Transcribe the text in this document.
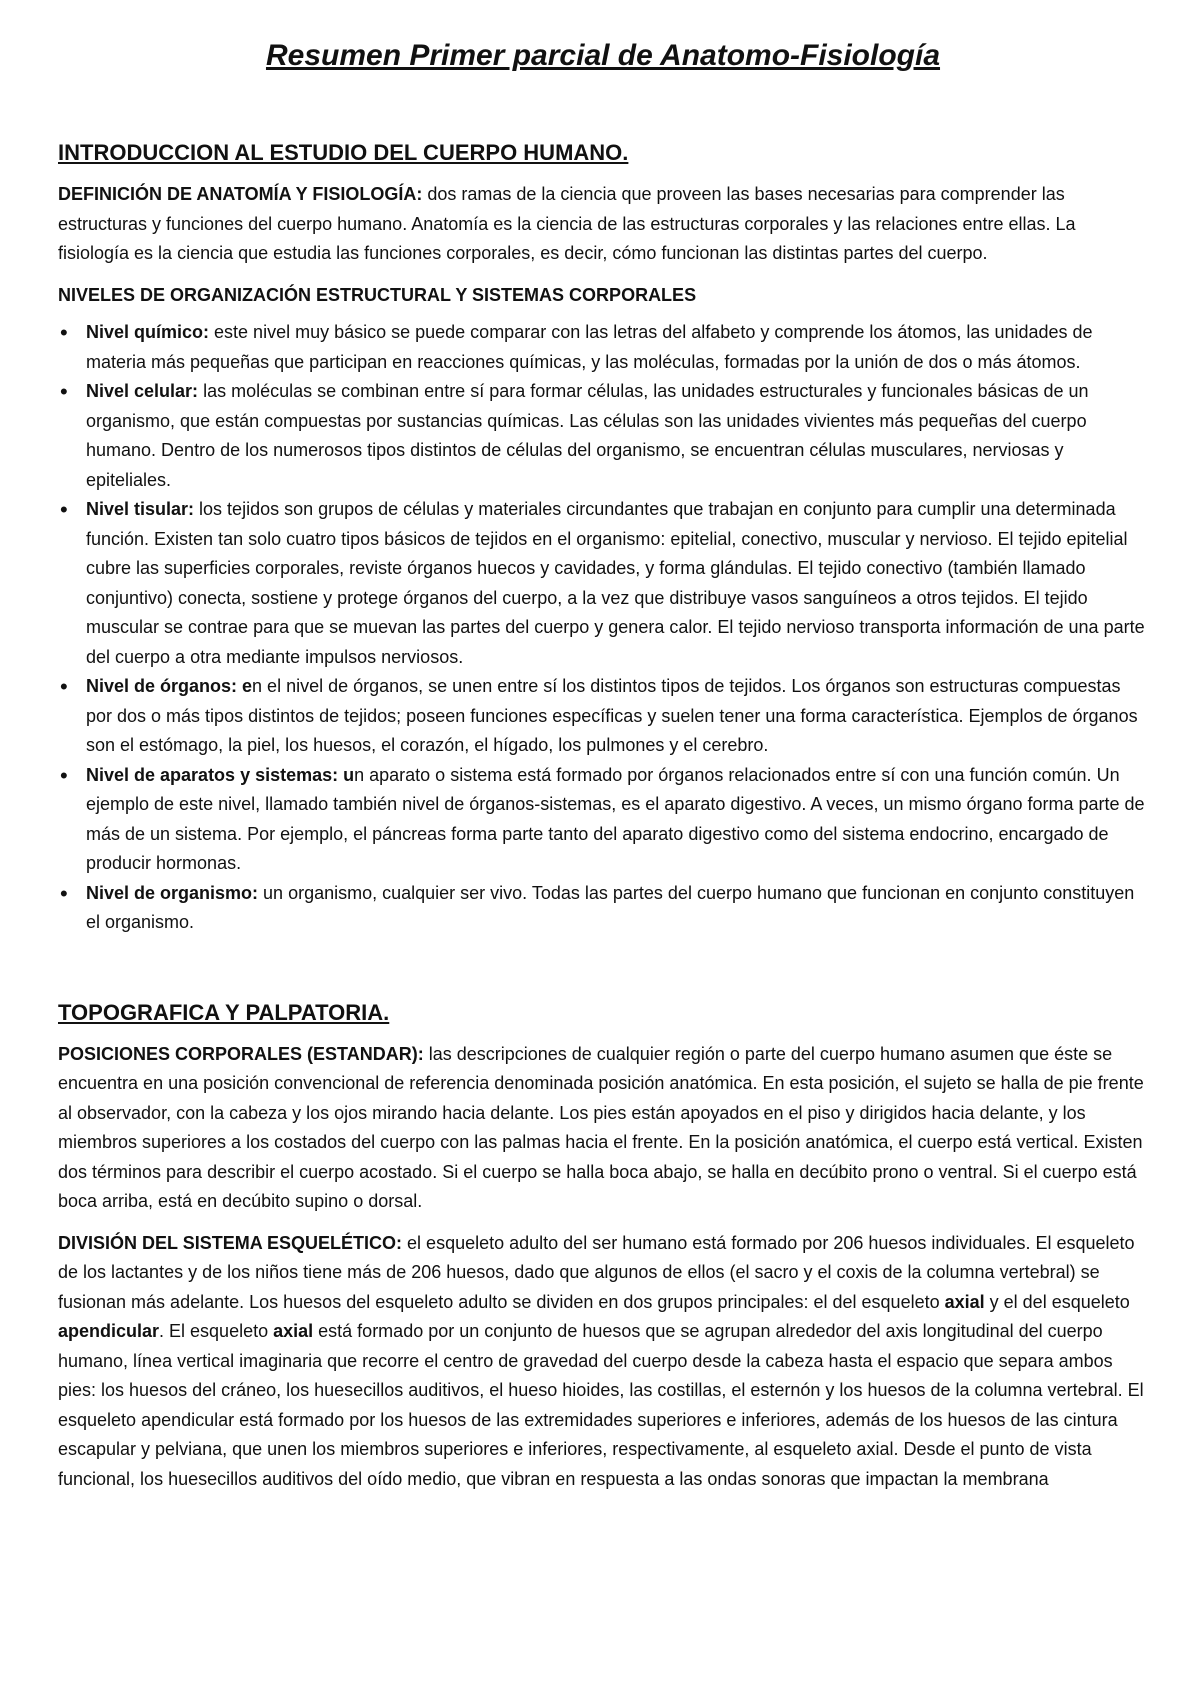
Resumen Primer parcial de Anatomo-Fisiología
INTRODUCCION AL ESTUDIO DEL CUERPO HUMANO.

DEFINICIÓN DE ANATOMÍA Y FISIOLOGÍA: dos ramas de la ciencia que proveen las bases necesarias para comprender las estructuras y funciones del cuerpo humano. Anatomía es la ciencia de las estructuras corporales y las relaciones entre ellas. La fisiología es la ciencia que estudia las funciones corporales, es decir, cómo funcionan las distintas partes del cuerpo.

NIVELES DE ORGANIZACIÓN ESTRUCTURAL Y SISTEMAS CORPORALES

• Nivel químico: este nivel muy básico se puede comparar con las letras del alfabeto y comprende los átomos, las unidades de materia más pequeñas que participan en reacciones químicas, y las moléculas, formadas por la unión de dos o más átomos.
• Nivel celular: las moléculas se combinan entre sí para formar células, las unidades estructurales y funcionales básicas de un organismo, que están compuestas por sustancias químicas. Las células son las unidades vivientes más pequeñas del cuerpo humano. Dentro de los numerosos tipos distintos de células del organismo, se encuentran células musculares, nerviosas y epiteliales.
• Nivel tisular: los tejidos son grupos de células y materiales circundantes que trabajan en conjunto para cumplir una determinada función. Existen tan solo cuatro tipos básicos de tejidos en el organismo: epitelial, conectivo, muscular y nervioso. El tejido epitelial cubre las superficies corporales, reviste órganos huecos y cavidades, y forma glándulas. El tejido conectivo (también llamado conjuntivo) conecta, sostiene y protege órganos del cuerpo, a la vez que distribuye vasos sanguíneos a otros tejidos. El tejido muscular se contrae para que se muevan las partes del cuerpo y genera calor. El tejido nervioso transporta información de una parte del cuerpo a otra mediante impulsos nerviosos.
• Nivel de órganos: en el nivel de órganos, se unen entre sí los distintos tipos de tejidos. Los órganos son estructuras compuestas por dos o más tipos distintos de tejidos; poseen funciones específicas y suelen tener una forma característica. Ejemplos de órganos son el estómago, la piel, los huesos, el corazón, el hígado, los pulmones y el cerebro.
• Nivel de aparatos y sistemas: un aparato o sistema está formado por órganos relacionados entre sí con una función común. Un ejemplo de este nivel, llamado también nivel de órganos-sistemas, es el aparato digestivo. A veces, un mismo órgano forma parte de más de un sistema. Por ejemplo, el páncreas forma parte tanto del aparato digestivo como del sistema endocrino, encargado de producir hormonas.
• Nivel de organismo: un organismo, cualquier ser vivo. Todas las partes del cuerpo humano que funcionan en conjunto constituyen el organismo.
TOPOGRAFICA Y PALPATORIA.

POSICIONES CORPORALES (ESTANDAR): las descripciones de cualquier región o parte del cuerpo humano asumen que éste se encuentra en una posición convencional de referencia denominada posición anatómica. En esta posición, el sujeto se halla de pie frente al observador, con la cabeza y los ojos mirando hacia delante. Los pies están apoyados en el piso y dirigidos hacia delante, y los miembros superiores a los costados del cuerpo con las palmas hacia el frente. En la posición anatómica, el cuerpo está vertical. Existen dos términos para describir el cuerpo acostado. Si el cuerpo se halla boca abajo, se halla en decúbito prono o ventral. Si el cuerpo está boca arriba, está en decúbito supino o dorsal.

DIVISIÓN DEL SISTEMA ESQUELÉTICO: el esqueleto adulto del ser humano está formado por 206 huesos individuales. El esqueleto de los lactantes y de los niños tiene más de 206 huesos, dado que algunos de ellos (el sacro y el coxis de la columna vertebral) se fusionan más adelante. Los huesos del esqueleto adulto se dividen en dos grupos principales: el del esqueleto axial y el del esqueleto apendicular. El esqueleto axial está formado por un conjunto de huesos que se agrupan alrededor del axis longitudinal del cuerpo humano, línea vertical imaginaria que recorre el centro de gravedad del cuerpo desde la cabeza hasta el espacio que separa ambos pies: los huesos del cráneo, los huesecillos auditivos, el hueso hioides, las costillas, el esternón y los huesos de la columna vertebral. El esqueleto apendicular está formado por los huesos de las extremidades superiores e inferiores, además de los huesos de las cintura escapular y pelviana, que unen los miembros superiores e inferiores, respectivamente, al esqueleto axial. Desde el punto de vista funcional, los huesecillos auditivos del oído medio, que vibran en respuesta a las ondas sonoras que impactan la membrana
